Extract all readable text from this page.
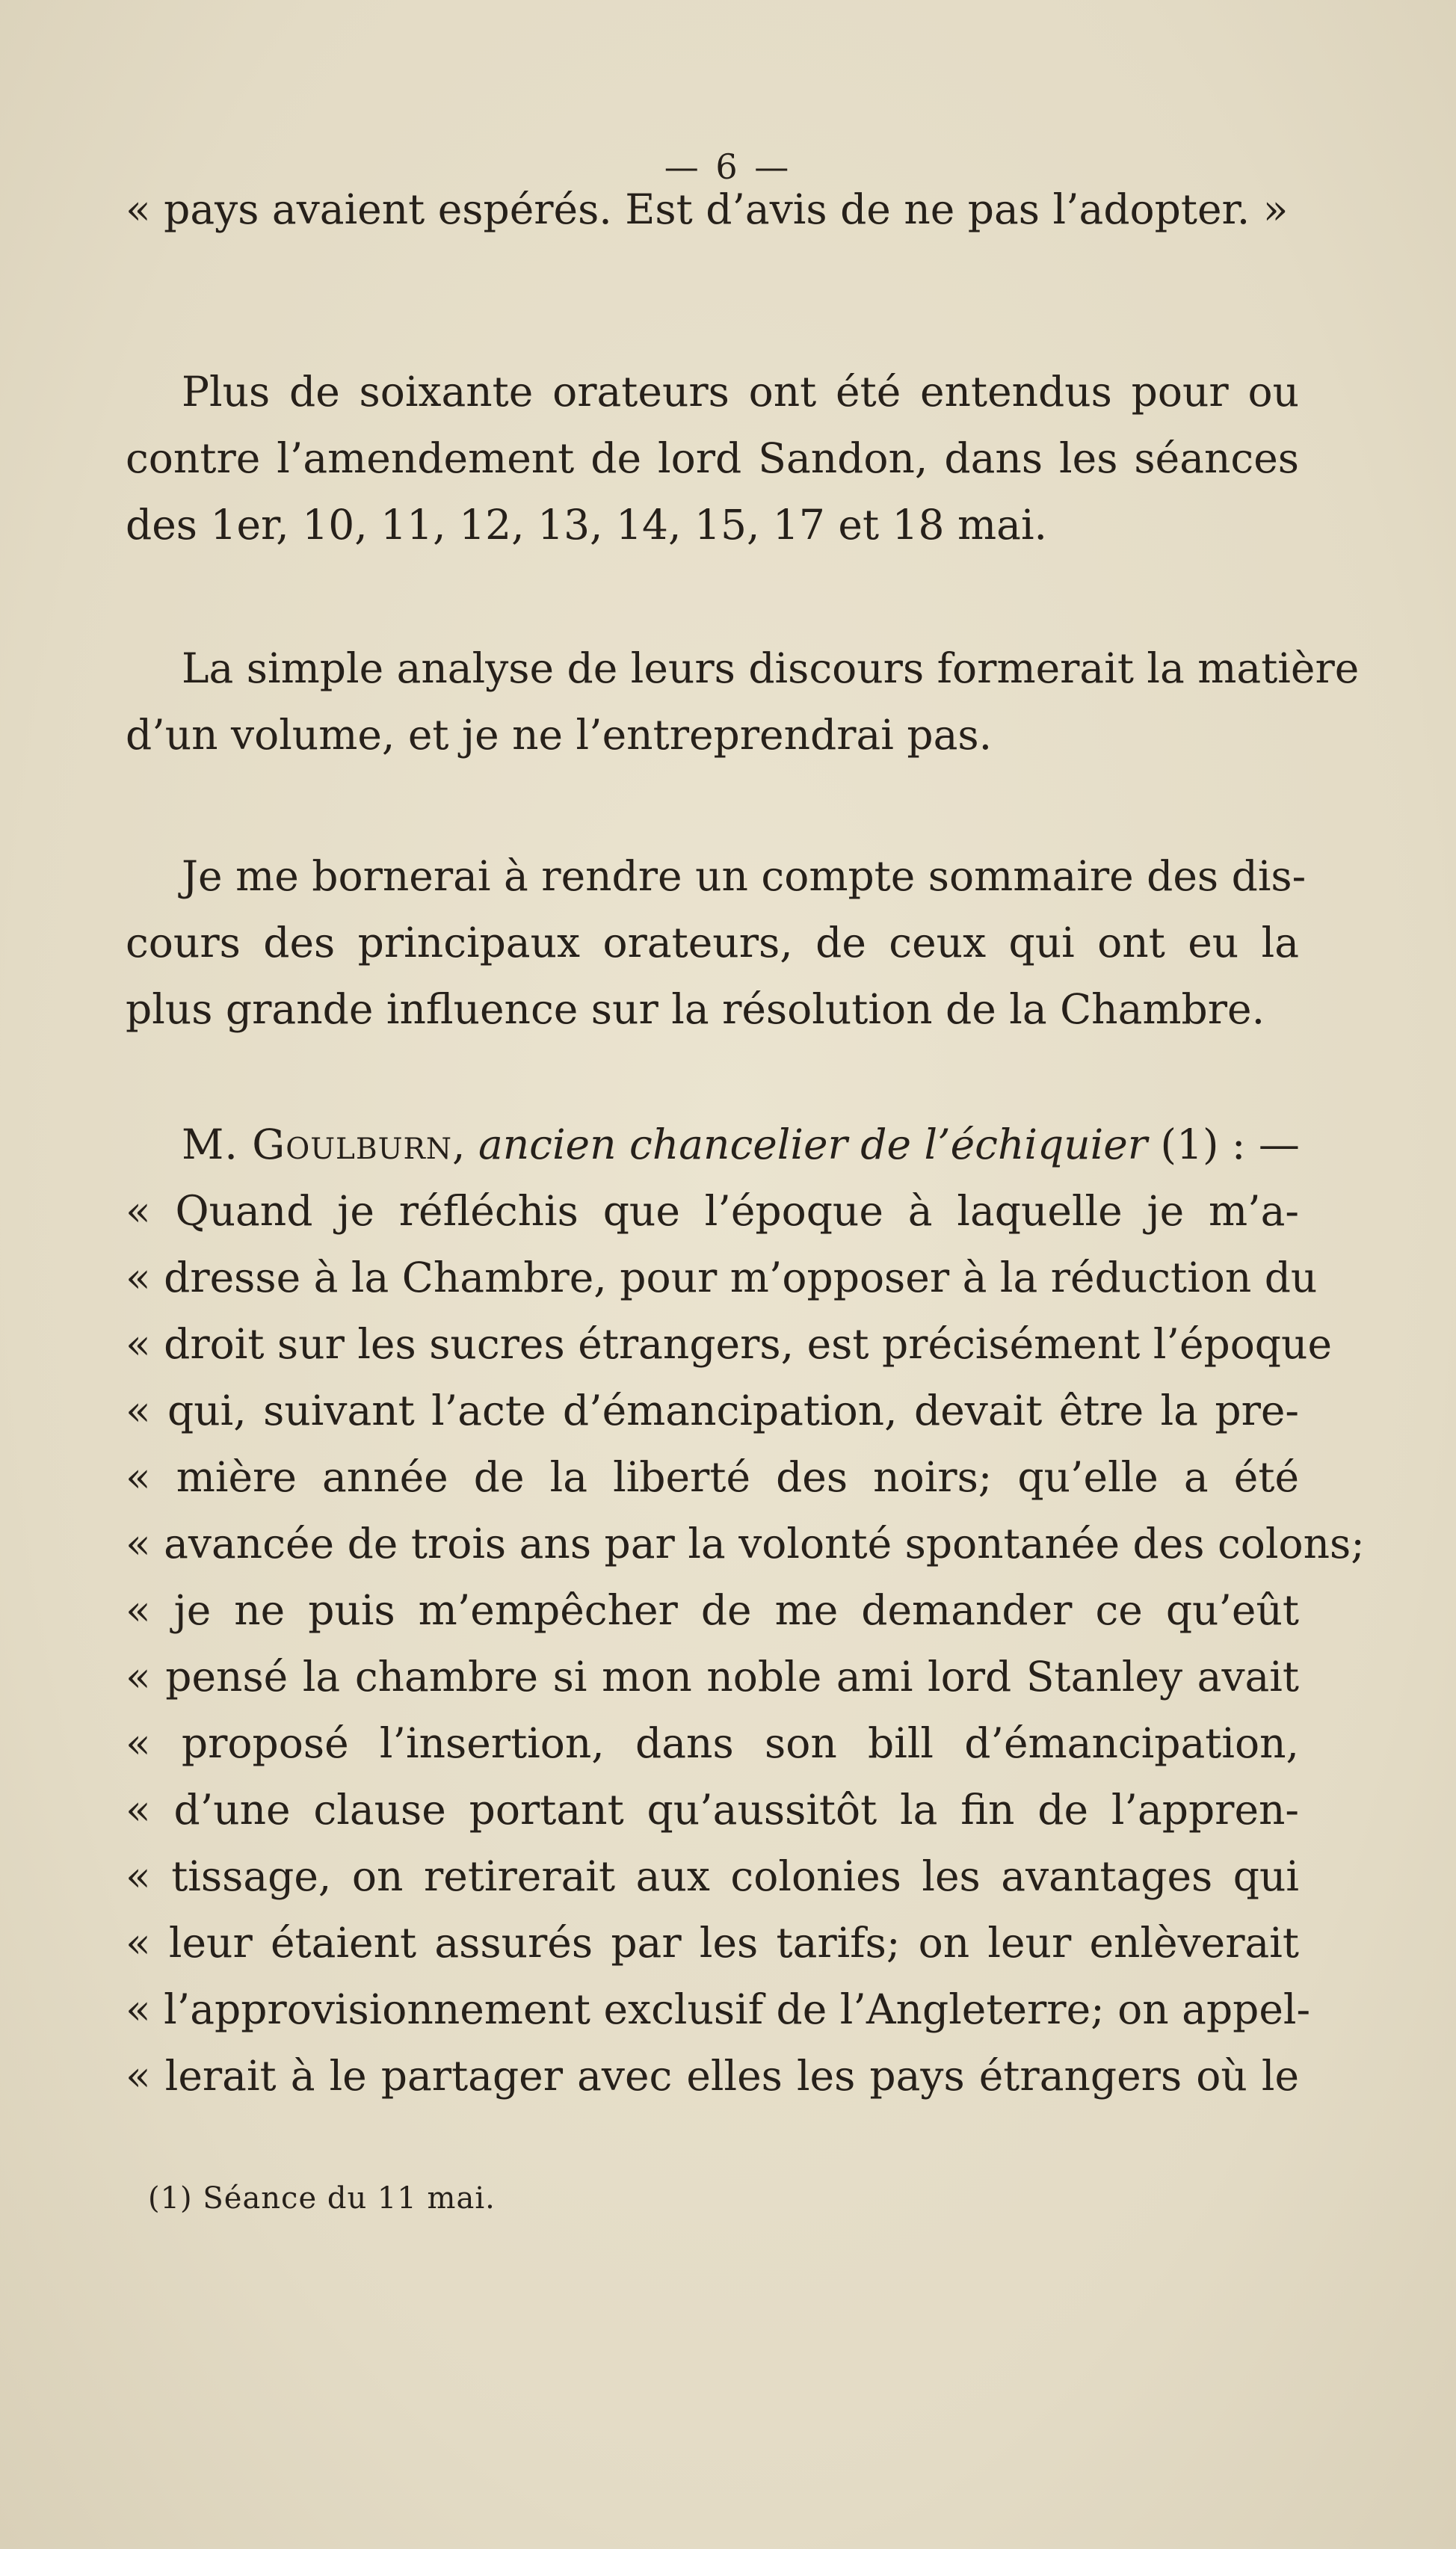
— 6 —
« pays avaient espérés. Est d’avis de ne pas l’adopter. »
Plus de soixante orateurs ont été entendus pour ou
contre l’amendement de lord Sandon, dans les séances
des 1er, 10, 11, 12, 13, 14, 15, 17 et 18 mai.
La simple analyse de leurs discours formerait la matière
d’un volume, et je ne l’entreprendrai pas.
Je me bornerai à rendre un compte sommaire des dis-
cours des principaux orateurs, de ceux qui ont eu la
plus grande influence sur la résolution de la Chambre.
M. Goulburn, ancien chancelier de l’échiquier (1) : —
« Quand je réfléchis que l’époque à laquelle je m’a-
« dresse à la Chambre, pour m’opposer à la réduction du
« droit sur les sucres étrangers, est précisément l’époque
« qui, suivant l’acte d’émancipation, devait être la pre-
« mière année de la liberté des noirs; qu’elle a été
« avancée de trois ans par la volonté spontanée des colons;
« je ne puis m’empêcher de me demander ce qu’eût
« pensé la chambre si mon noble ami lord Stanley avait
« proposé l’insertion, dans son bill d’émancipation,
« d’une clause portant qu’aussitôt la fin de l’appren-
« tissage, on retirerait aux colonies les avantages qui
« leur étaient assurés par les tarifs; on leur enlèverait
« l’approvisionnement exclusif de l’Angleterre; on appel-
« lerait à le partager avec elles les pays étrangers où le
(1) Séance du 11 mai.
